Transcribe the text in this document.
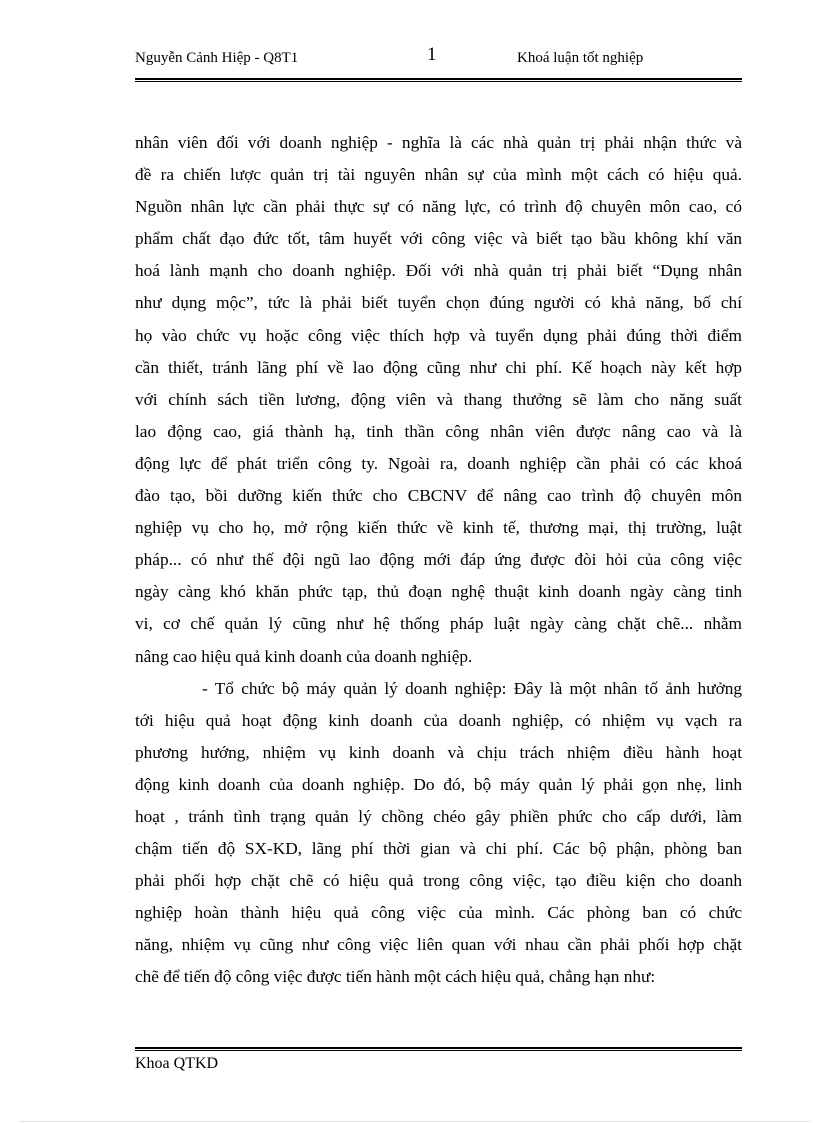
Nguyễn Cảnh Hiệp - Q8T1	1	Khoá luận tốt nghiệp
nhân viên đối với doanh nghiệp - nghĩa là các nhà quản trị phải nhận thức và
đề ra chiến lược quản trị tài nguyên nhân sự của mình một cách có hiệu quả.
Nguồn nhân lực cần phải thực sự có năng lực, có trình độ chuyên môn cao, có
phẩm chất đạo đức tốt, tâm huyết với công việc và biết tạo bầu không khí văn
hoá lành mạnh cho doanh nghiệp. Đối với nhà quản trị phải biết “Dụng nhân
như dụng mộc”, tức là phải biết tuyển chọn đúng người có khả năng, bố chí
họ vào chức vụ hoặc công việc thích hợp và tuyển dụng phải đúng thời điểm
cần thiết, tránh lãng phí về lao động cũng như chi phí. Kế hoạch này kết hợp
với chính sách tiền lương, động viên và thang thưởng sẽ làm cho năng suất
lao động cao, giá thành hạ, tinh thần công nhân viên được nâng cao và là
động lực để phát triển công ty. Ngoài ra, doanh nghiệp cần phải có các khoá
đào tạo, bồi dưỡng kiến thức cho CBCNV để nâng cao trình độ chuyên môn
nghiệp vụ cho họ, mở rộng kiến thức về kinh tế, thương mại, thị trường, luật
pháp... có như thế đội ngũ lao động mới đáp ứng được đòi hỏi của công việc
ngày càng khó khăn phức tạp, thủ đoạn nghệ thuật kinh doanh ngày càng tinh
vi, cơ chế quản lý cũng như hệ thống pháp luật ngày càng chặt chẽ... nhằm
nâng cao hiệu quả kinh doanh của doanh nghiệp.
- Tổ chức bộ máy quản lý doanh nghiệp: Đây là một nhân tố ảnh hưởng
tới hiệu quả hoạt động kinh doanh của doanh nghiệp, có nhiệm vụ vạch ra
phương hướng, nhiệm vụ kinh doanh và chịu trách nhiệm điều hành hoạt
động kinh doanh của doanh nghiệp. Do đó, bộ máy quản lý phải gọn nhẹ, linh
hoạt , tránh tình trạng quản lý chồng chéo gây phiền phức cho cấp dưới, làm
chậm tiến độ SX-KD, lãng phí thời gian và chi phí. Các bộ phận, phòng ban
phải phối hợp chặt chẽ có hiệu quả trong công việc, tạo điều kiện cho doanh
nghiệp hoàn thành hiệu quả công việc của mình. Các phòng ban có chức
năng, nhiệm vụ cũng như công việc liên quan với nhau cần phải phối hợp chặt
chẽ để tiến độ công việc được tiến hành một cách hiệu quả, chẳng hạn như:
Khoa QTKD
